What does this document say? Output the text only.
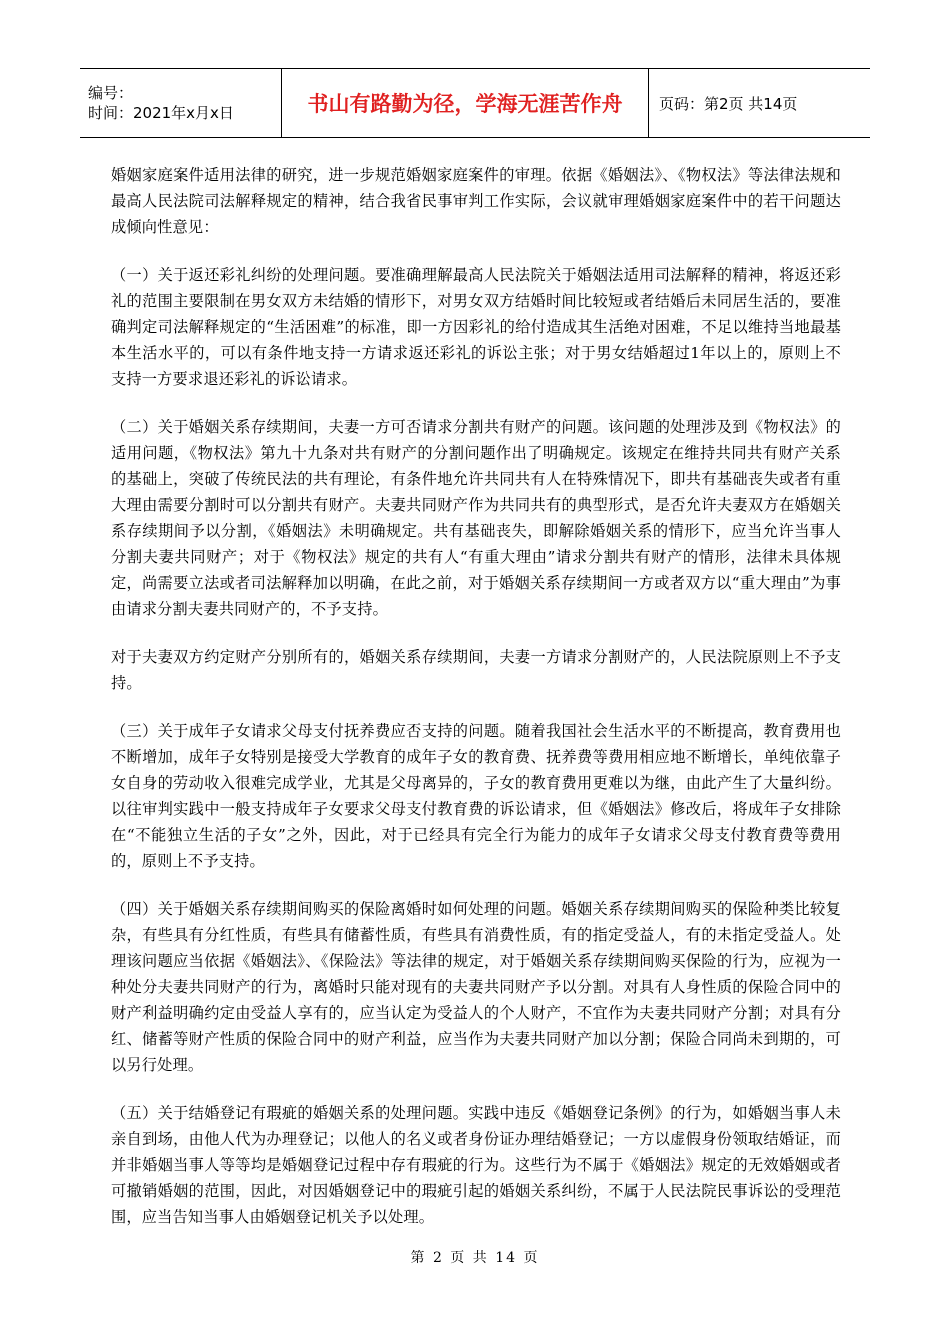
编号：
时间：2021年x月x日	书山有路勤为径，学海无涯苦作舟	页码：第2页 共14页

婚姻家庭案件适用法律的研究，进一步规范婚姻家庭案件的审理。依据《婚姻法》、《物权法》等法律法规和最高人民法院司法解释规定的精神，结合我省民事审判工作实际，会议就审理婚姻家庭案件中的若干问题达成倾向性意见：

（一）关于返还彩礼纠纷的处理问题。要准确理解最高人民法院关于婚姻法适用司法解释的精神，将返还彩礼的范围主要限制在男女双方未结婚的情形下，对男女双方结婚时间比较短或者结婚后未同居生活的，要准确判定司法解释规定的“生活困难”的标准，即一方因彩礼的给付造成其生活绝对困难，不足以维持当地最基本生活水平的，可以有条件地支持一方请求返还彩礼的诉讼主张；对于男女结婚超过1年以上的，原则上不支持一方要求退还彩礼的诉讼请求。

（二）关于婚姻关系存续期间，夫妻一方可否请求分割共有财产的问题。该问题的处理涉及到《物权法》的适用问题，《物权法》第九十九条对共有财产的分割问题作出了明确规定。该规定在维持共同共有财产关系的基础上，突破了传统民法的共有理论，有条件地允许共同共有人在特殊情况下，即共有基础丧失或者有重大理由需要分割时可以分割共有财产。夫妻共同财产作为共同共有的典型形式，是否允许夫妻双方在婚姻关系存续期间予以分割，《婚姻法》未明确规定。共有基础丧失，即解除婚姻关系的情形下，应当允许当事人分割夫妻共同财产；对于《物权法》规定的共有人“有重大理由”请求分割共有财产的情形，法律未具体规定，尚需要立法或者司法解释加以明确，在此之前，对于婚姻关系存续期间一方或者双方以“重大理由”为事由请求分割夫妻共同财产的，不予支持。

对于夫妻双方约定财产分别所有的，婚姻关系存续期间，夫妻一方请求分割财产的，人民法院原则上不予支持。

（三）关于成年子女请求父母支付抚养费应否支持的问题。随着我国社会生活水平的不断提高，教育费用也不断增加，成年子女特别是接受大学教育的成年子女的教育费、抚养费等费用相应地不断增长，单纯依靠子女自身的劳动收入很难完成学业，尤其是父母离异的，子女的教育费用更难以为继，由此产生了大量纠纷。以往审判实践中一般支持成年子女要求父母支付教育费的诉讼请求，但《婚姻法》修改后，将成年子女排除在“不能独立生活的子女”之外，因此，对于已经具有完全行为能力的成年子女请求父母支付教育费等费用的，原则上不予支持。

（四）关于婚姻关系存续期间购买的保险离婚时如何处理的问题。婚姻关系存续期间购买的保险种类比较复杂，有些具有分红性质，有些具有储蓄性质，有些具有消费性质，有的指定受益人，有的未指定受益人。处理该问题应当依据《婚姻法》、《保险法》等法律的规定，对于婚姻关系存续期间购买保险的行为，应视为一种处分夫妻共同财产的行为，离婚时只能对现有的夫妻共同财产予以分割。对具有人身性质的保险合同中的财产利益明确约定由受益人享有的，应当认定为受益人的个人财产，不宜作为夫妻共同财产分割；对具有分红、储蓄等财产性质的保险合同中的财产利益，应当作为夫妻共同财产加以分割；保险合同尚未到期的，可以另行处理。

（五）关于结婚登记有瑕疵的婚姻关系的处理问题。实践中违反《婚姻登记条例》的行为，如婚姻当事人未亲自到场，由他人代为办理登记；以他人的名义或者身份证办理结婚登记；一方以虚假身份领取结婚证，而并非婚姻当事人等等均是婚姻登记过程中存有瑕疵的行为。这些行为不属于《婚姻法》规定的无效婚姻或者可撤销婚姻的范围，因此，对因婚姻登记中的瑕疵引起的婚姻关系纠纷，不属于人民法院民事诉讼的受理范围，应当告知当事人由婚姻登记机关予以处理。

第 2 页 共 14 页
